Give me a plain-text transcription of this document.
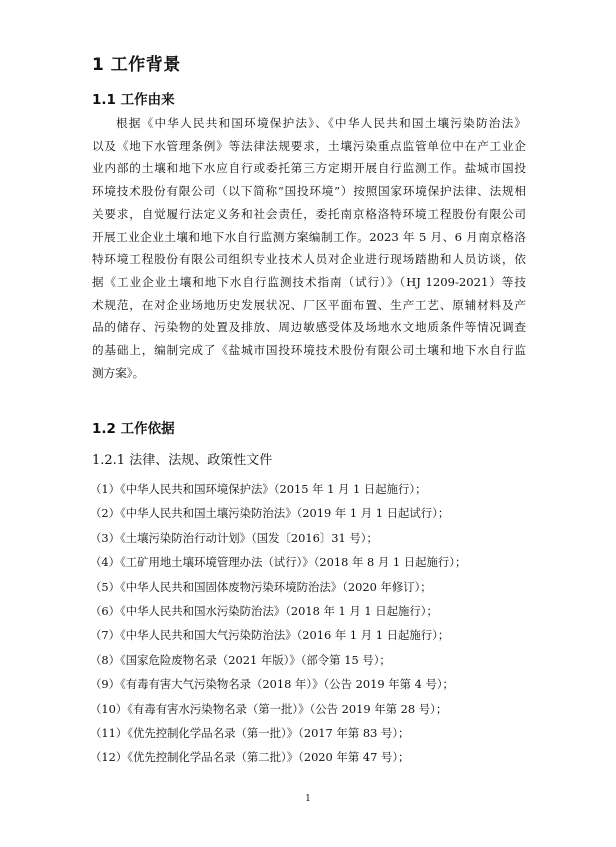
1 工作背景
1.1 工作由来
根据《中华人民共和国环境保护法》、《中华人民共和国土壤污染防治法》
以及《地下水管理条例》等法律法规要求，土壤污染重点监管单位中在产工业企
业内部的土壤和地下水应自行或委托第三方定期开展自行监测工作。盐城市国投
环境技术股份有限公司（以下简称“国投环境”）按照国家环境保护法律、法规相
关要求，自觉履行法定义务和社会责任，委托南京格洛特环境工程股份有限公司
开展工业企业土壤和地下水自行监测方案编制工作。2023 年 5 月、6 月南京格洛
特环境工程股份有限公司组织专业技术人员对企业进行现场踏勘和人员访谈，依
据《工业企业土壤和地下水自行监测技术指南（试行）》（HJ 1209-2021）等技
术规范，在对企业场地历史发展状况、厂区平面布置、生产工艺、原辅材料及产
品的储存、污染物的处置及排放、周边敏感受体及场地水文地质条件等情况调查
的基础上，编制完成了《盐城市国投环境技术股份有限公司土壤和地下水自行监
测方案》。
1.2 工作依据
1.2.1 法律、法规、政策性文件
（1）《中华人民共和国环境保护法》（2015 年 1 月 1 日起施行）；
（2）《中华人民共和国土壤污染防治法》（2019 年 1 月 1 日起试行）；
（3）《土壤污染防治行动计划》（国发〔2016〕31 号）；
（4）《工矿用地土壤环境管理办法（试行）》（2018 年 8 月 1 日起施行）；
（5）《中华人民共和国固体废物污染环境防治法》（2020 年修订）；
（6）《中华人民共和国水污染防治法》（2018 年 1 月 1 日起施行）；
（7）《中华人民共和国大气污染防治法》（2016 年 1 月 1 日起施行）；
（8）《国家危险废物名录（2021 年版）》（部令第 15 号）；
（9）《有毒有害大气污染物名录（2018 年）》（公告 2019 年第 4 号）；
（10）《有毒有害水污染物名录（第一批）》（公告 2019 年第 28 号）；
（11）《优先控制化学品名录（第一批）》（2017 年第 83 号）；
（12）《优先控制化学品名录（第二批）》（2020 年第 47 号）；
1
